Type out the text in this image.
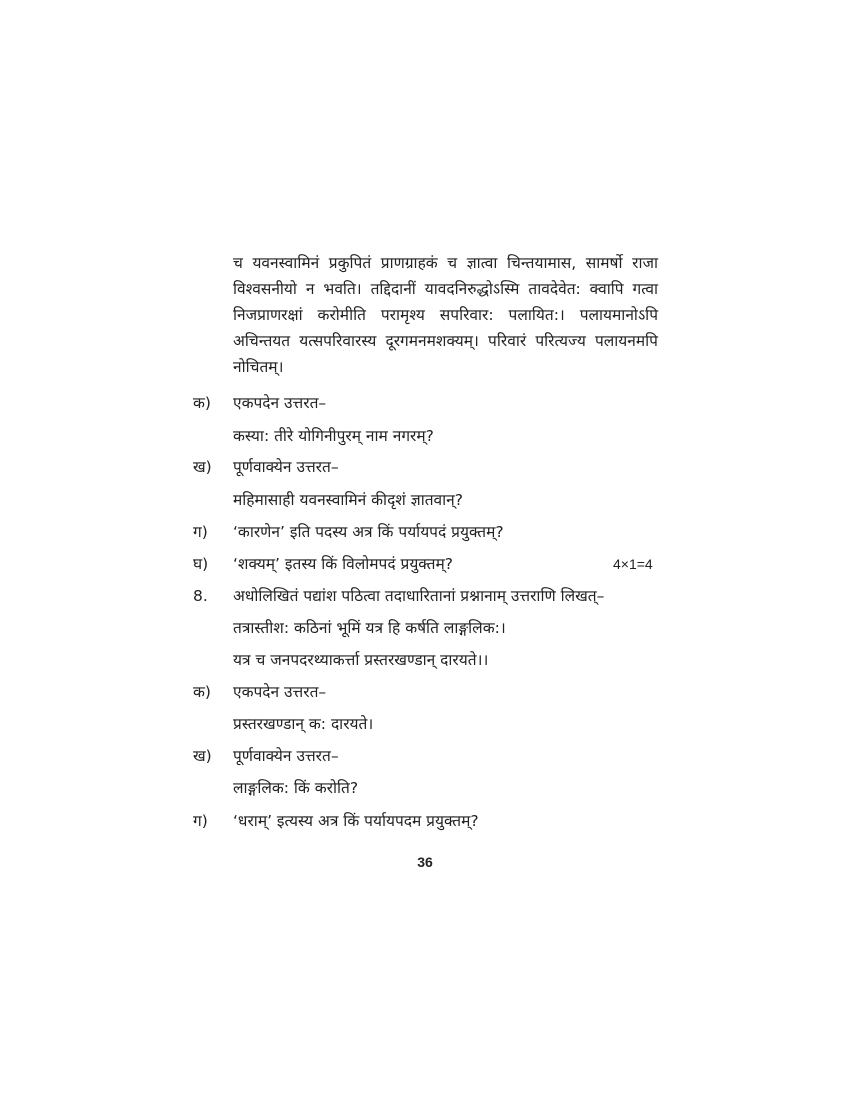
च यवनस्वामिनं प्रकुपितं प्राणग्राहकं च ज्ञात्वा चिन्तयामास, सामर्षो राजा
विश्वसनीयो न भवति। तद्दिदानीं यावदनिरुद्धोऽस्मि तावदेवेत: क्वापि गत्वा
निजप्राणरक्षां करोमीति परामृश्य सपरिवार: पलायित:। पलायमानोऽपि
अचिन्तयत यत्सपरिवारस्य दूरगमनमशक्यम्। परिवारं परित्यज्य पलायनमपि
नोचितम्।
क) एकपदेन उत्तरत–
कस्या: तीरे योगिनीपुरम् नाम नगरम्?
ख) पूर्णवाक्येन उत्तरत–
महिमासाही यवनस्वामिनं कीदृशं ज्ञातवान्?
ग) ‘कारणेन’ इति पदस्य अत्र किं पर्यायपदं प्रयुक्तम्?
घ) ‘शक्यम्’ इतस्य किं विलोमपदं प्रयुक्तम्?	4×1=4
8. अधोलिखितं पद्यांश पठित्वा तदाधारितानां प्रश्नानाम् उत्तराणि लिखत्–
तत्रास्तीश: कठिनां भूमिं यत्र हि कर्षति लाङ्गलिक:।
यत्र च जनपदरथ्याकर्त्ता प्रस्तरखण्डान् दारयते।।
क) एकपदेन उत्तरत–
प्रस्तरखण्डान् क: दारयते।
ख) पूर्णवाक्येन उत्तरत–
लाङ्गलिक: किं करोति?
ग) ‘धराम्’ इत्यस्य अत्र किं पर्यायपदम प्रयुक्तम्?
36
